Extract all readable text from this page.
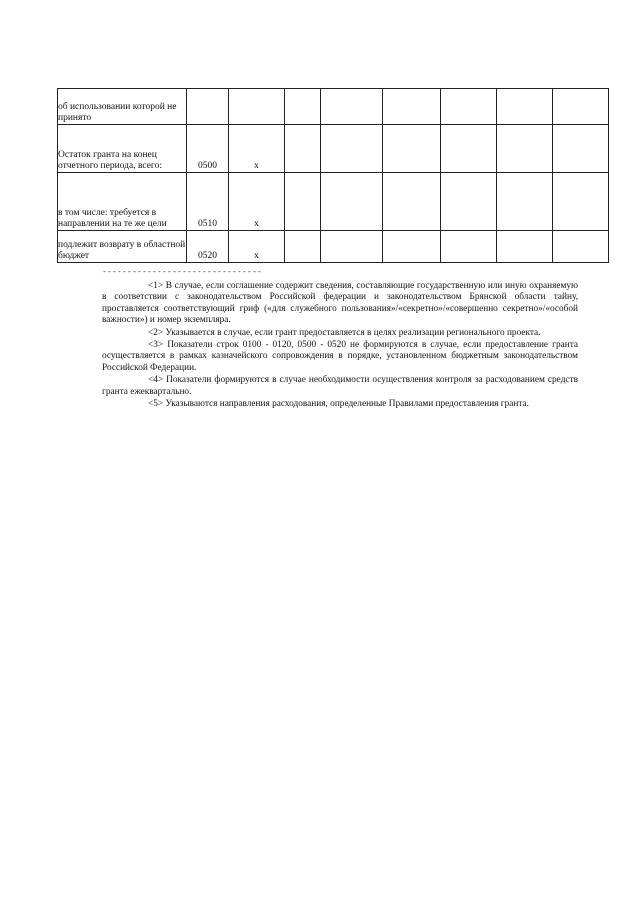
об использовании которой не принято								
Остаток гранта на конец отчетного периода, всего:	0500	x						
в том числе: требуется в направлении на те же цели	0510	x						
подлежит возврату в областной бюджет	0520	x						
--------------------------------

<1> В случае, если соглашение содержит сведения, составляющие государственную или иную охраняемую в соответствии с законодательством Российской федерации и законодательством Брянской области тайну, проставляется соответствующий гриф («для служебного пользования»/«секретно»/«совершенно секретно»/«особой важности») и номер экземпляра.

<2> Указывается в случае, если грант предоставляется в целях реализации регионального проекта.

<3> Показатели строк 0100 - 0120, 0500 - 0520 не формируются в случае, если предоставление гранта осуществляется в рамках казначейского сопровождения в порядке, установленном бюджетным законодательством Российской Федерации.

<4> Показатели формируются в случае необходимости осуществления контроля за расходованием средств гранта ежеквартально.

<5> Указываются направления расходования, определенные Правилами предоставления гранта.
